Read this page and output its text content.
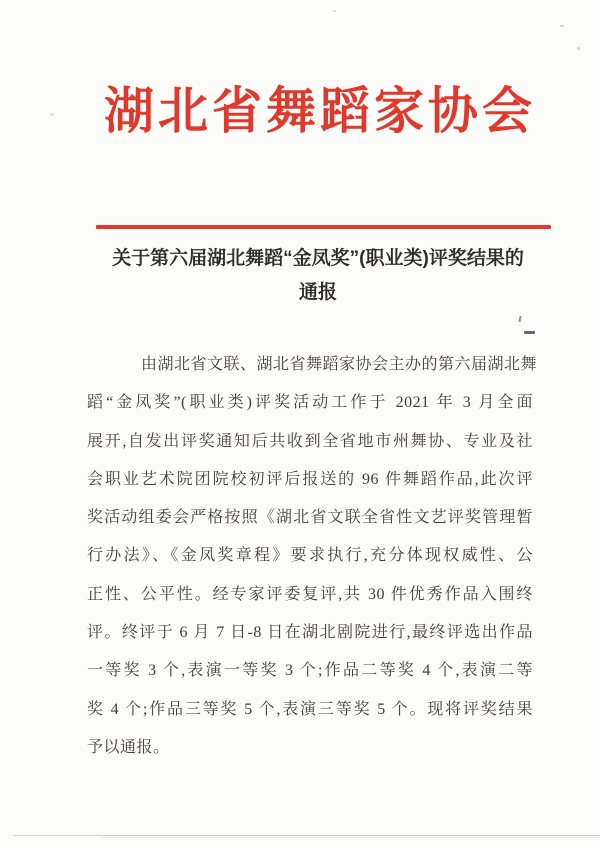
湖北省舞蹈家协会
关于第六届湖北舞蹈“金凤奖”(职业类)评奖结果的
通报
由湖北省文联、湖北省舞蹈家协会主办的第六届湖北舞
蹈“金凤奖”(职业类)评奖活动工作于 2021 年 3 月全面
展开,自发出评奖通知后共收到全省地市州舞协、专业及社
会职业艺术院团院校初评后报送的 96 件舞蹈作品,此次评
奖活动组委会严格按照《湖北省文联全省性文艺评奖管理暂
行办法》、《金凤奖章程》要求执行,充分体现权威性、公
正性、公平性。经专家评委复评,共 30 件优秀作品入围终
评。终评于 6 月 7 日-8 日在湖北剧院进行,最终评选出作品
一等奖 3 个,表演一等奖 3 个;作品二等奖 4 个,表演二等
奖 4 个;作品三等奖 5 个,表演三等奖 5 个。现将评奖结果
予以通报。
